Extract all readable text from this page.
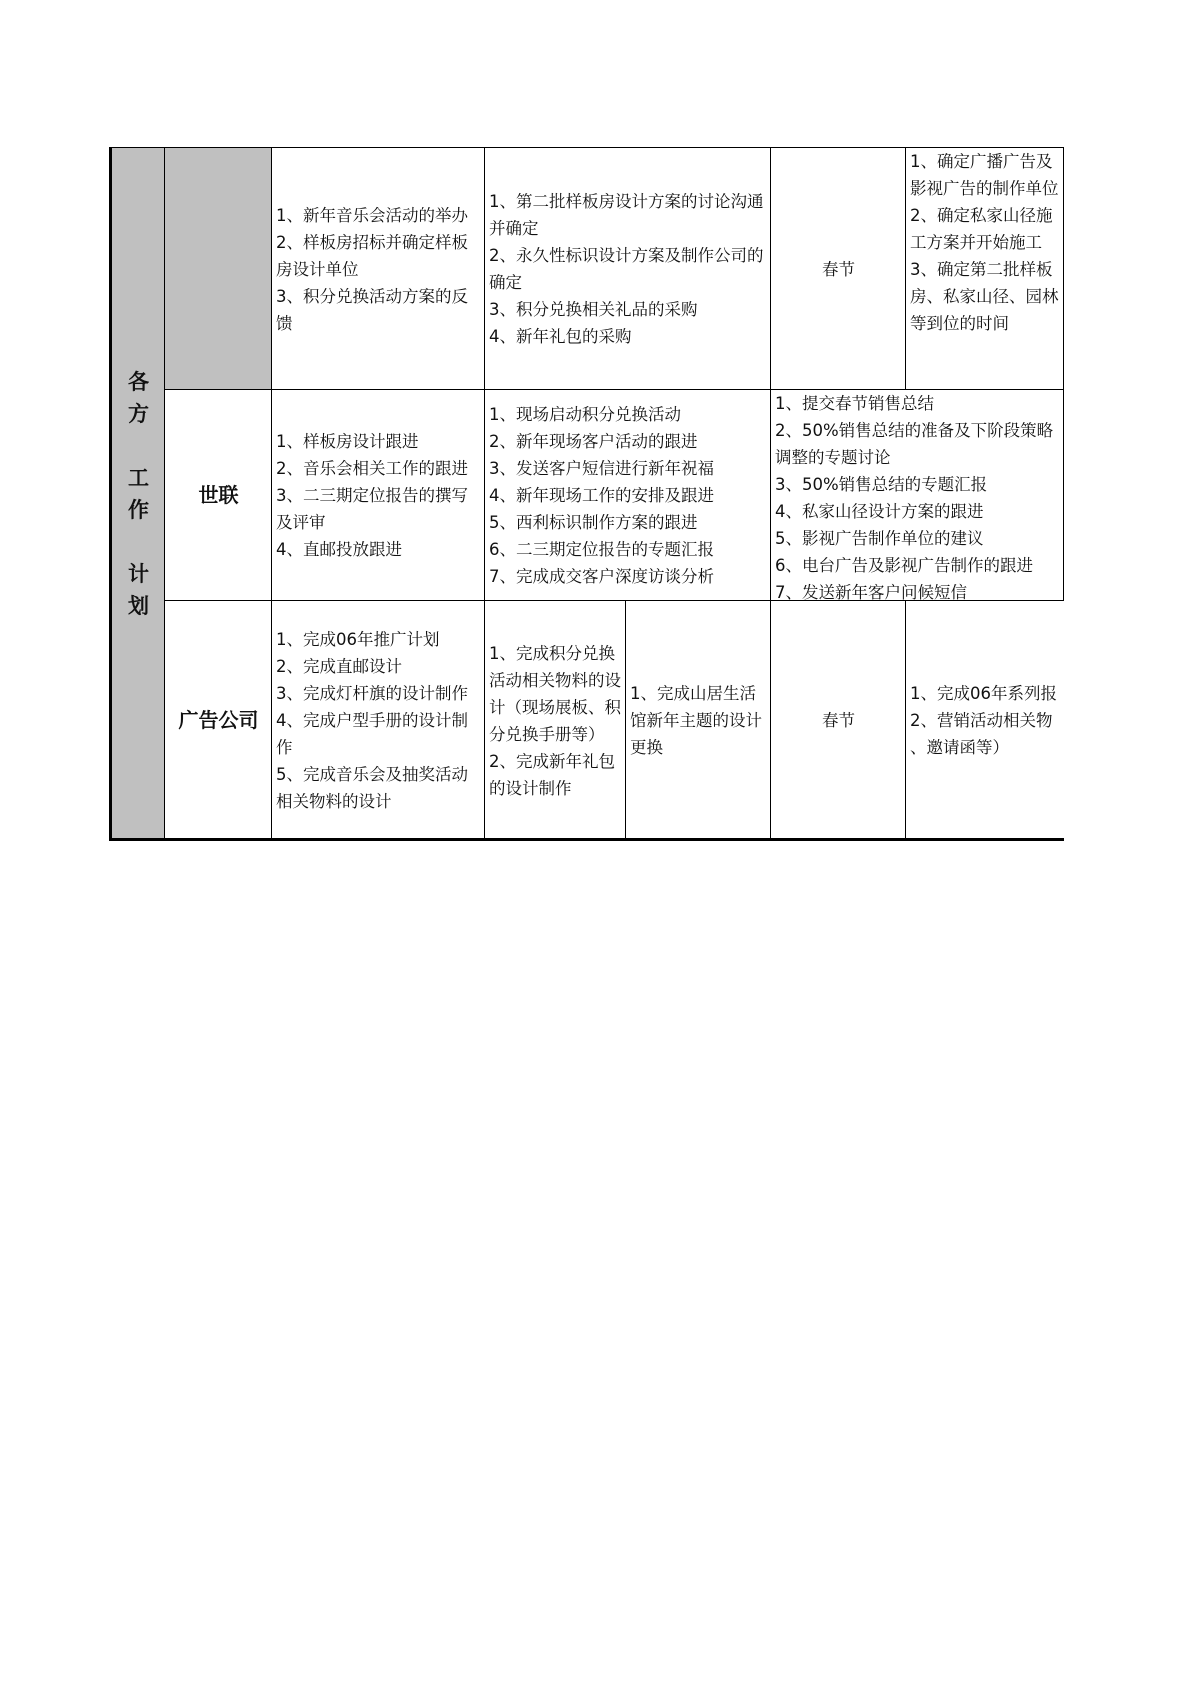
各
方
工
作
计
划
1、新年音乐会活动的举办
2、样板房招标并确定样板房设计单位
3、积分兑换活动方案的反馈
1、第二批样板房设计方案的讨论沟通并确定
2、永久性标识设计方案及制作公司的确定
3、积分兑换相关礼品的采购
4、新年礼包的采购
春节
1、确定广播广告及影视广告的制作单位
2、确定私家山径施工方案并开始施工
3、确定第二批样板房、私家山径、园林等到位的时间
世联
1、样板房设计跟进
2、音乐会相关工作的跟进
3、二三期定位报告的撰写及评审
4、直邮投放跟进
1、现场启动积分兑换活动
2、新年现场客户活动的跟进
3、发送客户短信进行新年祝福
4、新年现场工作的安排及跟进
5、西利标识制作方案的跟进
6、二三期定位报告的专题汇报
7、完成成交客户深度访谈分析
1、提交春节销售总结
2、50%销售总结的准备及下阶段策略调整的专题讨论
3、50%销售总结的专题汇报
4、私家山径设计方案的跟进
5、影视广告制作单位的建议
6、电台广告及影视广告制作的跟进
7、发送新年客户问候短信
广告公司
1、完成06年推广计划
2、完成直邮设计
3、完成灯杆旗的设计制作
4、完成户型手册的设计制作
5、完成音乐会及抽奖活动相关物料的设计
1、完成积分兑换活动相关物料的设计（现场展板、积分兑换手册等）
2、完成新年礼包的设计制作
1、完成山居生活馆新年主题的设计更换
春节
1、完成06年系列报
2、营销活动相关物
、邀请函等）
